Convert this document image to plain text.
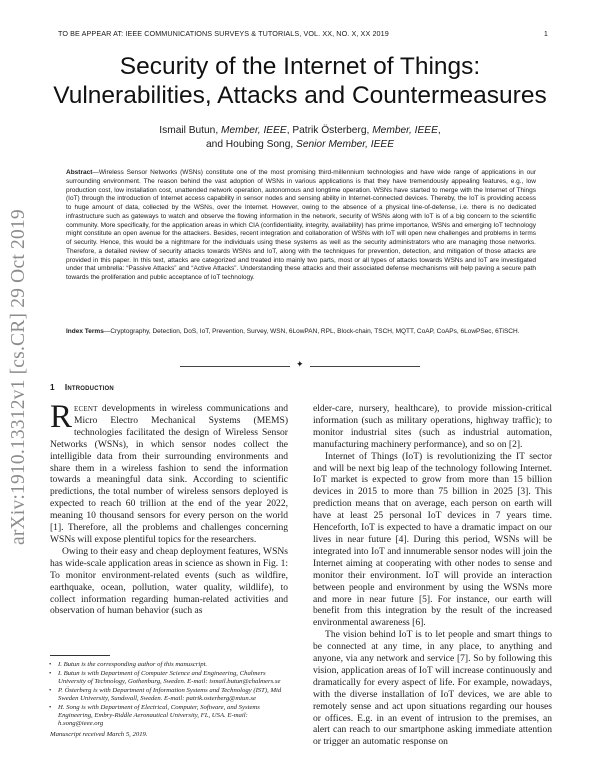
TO BE APPEAR AT: IEEE COMMUNICATIONS SURVEYS & TUTORIALS, VOL. XX, NO. X, XX 2019	1
arXiv:1910.13312v1 [cs.CR] 29 Oct 2019
Security of the Internet of Things:
Vulnerabilities, Attacks and Countermeasures
Ismail Butun, Member, IEEE, Patrik Österberg, Member, IEEE,
and Houbing Song, Senior Member, IEEE
Abstract—Wireless Sensor Networks (WSNs) constitute one of the most promising third-millennium technologies and have wide range of applications in our surrounding environment. The reason behind the vast adoption of WSNs in various applications is that they have tremendously appealing features, e.g., low production cost, low installation cost, unattended network operation, autonomous and longtime operation. WSNs have started to merge with the Internet of Things (IoT) through the introduction of Internet access capability in sensor nodes and sensing ability in Internet-connected devices. Thereby, the IoT is providing access to huge amount of data, collected by the WSNs, over the Internet. However, owing to the absence of a physical line-of-defense, i.e. there is no dedicated infrastructure such as gateways to watch and observe the flowing information in the network, security of WSNs along with IoT is of a big concern to the scientific community. More specifically, for the application areas in which CIA (confidentiality, integrity, availability) has prime importance, WSNs and emerging IoT technology might constitute an open avenue for the attackers. Besides, recent integration and collaboration of WSNs with IoT will open new challenges and problems in terms of security. Hence, this would be a nightmare for the individuals using these systems as well as the security administrators who are managing those networks. Therefore, a detailed review of security attacks towards WSNs and IoT, along with the techniques for prevention, detection, and mitigation of those attacks are provided in this paper. In this text, attacks are categorized and treated into mainly two parts, most or all types of attacks towards WSNs and IoT are investigated under that umbrella: “Passive Attacks” and “Active Attacks”. Understanding these attacks and their associated defense mechanisms will help paving a secure path towards the proliferation and public acceptance of IoT technology.
Index Terms—Cryptography, Detection, DoS, IoT, Prevention, Survey, WSN, 6LowPAN, RPL, Block-chain, TSCH, MQTT, CoAP, CoAPs, 6LowPSec, 6TiSCH.
✦
1 Introduction

Recent developments in wireless communications and Micro Electro Mechanical Systems (MEMS) technologies facilitated the design of Wireless Sensor Networks (WSNs), in which sensor nodes collect the intelligible data from their surrounding environments and share them in a wireless fashion to send the information towards a meaningful data sink. According to scientific predictions, the total number of wireless sensors deployed is expected to reach 60 trillion at the end of the year 2022, meaning 10 thousand sensors for every person on the world [1]. Therefore, all the problems and challenges concerning WSNs will expose plentiful topics for the researchers.

Owing to their easy and cheap deployment features, WSNs has wide-scale application areas in science as shown in Fig. 1: To monitor environment-related events (such as wildfire, earthquake, ocean, pollution, water quality, wildlife), to collect information regarding human-related activities and observation of human behavior (such as

elder-care, nursery, healthcare), to provide mission-critical information (such as military operations, highway traffic); to monitor industrial sites (such as industrial automation, manufacturing machinery performance), and so on [2].

Internet of Things (IoT) is revolutionizing the IT sector and will be next big leap of the technology following Internet. IoT market is expected to grow from more than 15 billion devices in 2015 to more than 75 billion in 2025 [3]. This prediction means that on average, each person on earth will have at least 25 personal IoT devices in 7 years time. Henceforth, IoT is expected to have a dramatic impact on our lives in near future [4]. During this period, WSNs will be integrated into IoT and innumerable sensor nodes will join the Internet aiming at cooperating with other nodes to sense and monitor their environment. IoT will provide an interaction between people and environment by using the WSNs more and more in near future [5]. For instance, our earth will benefit from this integration by the result of the increased environmental awareness [6].

The vision behind IoT is to let people and smart things to be connected at any time, in any place, to anything and anyone, via any network and service [7]. So by following this vision, application areas of IoT will increase continuously and dramatically for every aspect of life. For example, nowadays, with the diverse installation of IoT devices, we are able to remotely sense and act upon situations regarding our houses or offices. E.g. in an event of intrusion to the premises, an alert can reach to our smartphone asking immediate attention or trigger an automatic response on

• I. Butun is the corresponding author of this manuscript.
• I. Butun is with Department of Computer Science and Engineering, Chalmers University of Technology, Gothenburg, Sweden. E-mail: ismail.butun@chalmers.se
• P. Österberg is with Department of Information Systems and Technology (IST), Mid Sweden University, Sundsvall, Sweden. E-mail: patrik.osterberg@miun.se
• H. Song is with Department of Electrical, Computer, Software, and Systems Engineering, Embry-Riddle Aeronautical University, FL, USA. E-mail: h.song@ieee.org
Manuscript received March 5, 2019.
